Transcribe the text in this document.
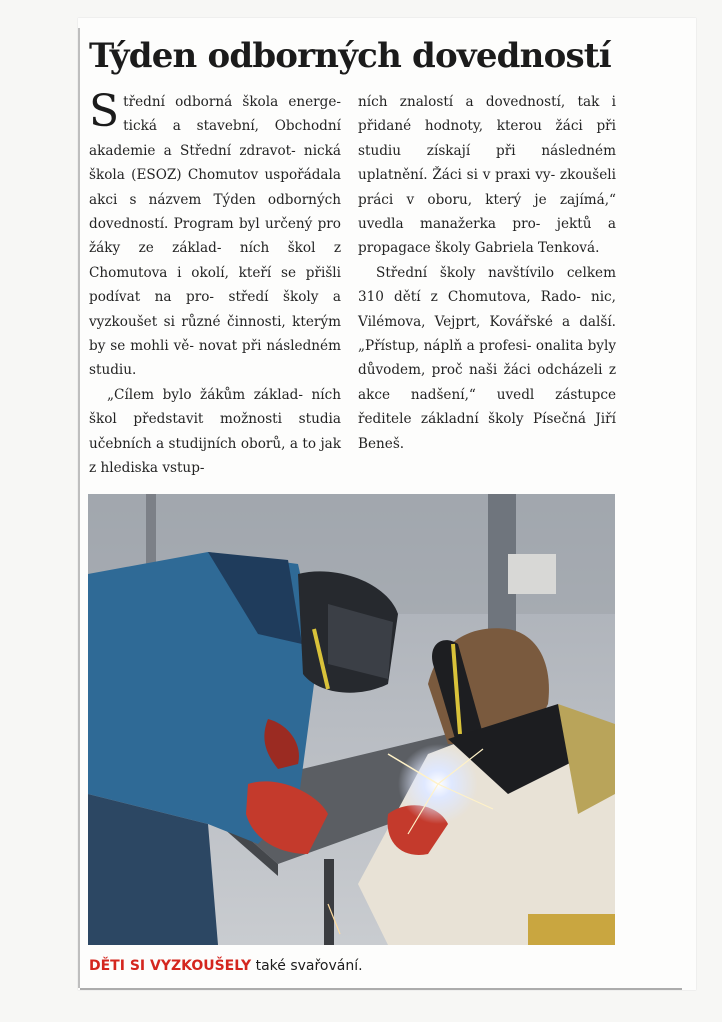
Týden odborných dovedností

Střední odborná škola energe- tická a stavební, Obchodní akademie a Střední zdravot- nická škola (ESOZ) Chomutov uspořádala akci s názvem Týden odborných dovedností. Program byl určený pro žáky ze základ- ních škol z Chomutova i okolí, kteří se přišli podívat na pro- středí školy a vyzkoušet si různé činnosti, kterým by se mohli vě- novat při následném studiu.

„Cílem bylo žákům základ- ních škol představit možnosti studia učebních a studijních oborů, a to jak z hlediska vstup-

ních znalostí a dovedností, tak i přidané hodnoty, kterou žáci při studiu získají při následném uplatnění. Žáci si v praxi vy- zkoušeli práci v oboru, který je zajímá,“ uvedla manažerka pro- jektů a propagace školy Gabriela Tenková.

Střední školy navštívilo celkem 310 dětí z Chomutova, Rado- nic, Vilémova, Vejprt, Kovářské a další. „Přístup, náplň a profesi- onalita byly důvodem, proč naši žáci odcházeli z akce nadšení,“ uvedl zástupce ředitele základní školy Písečná Jiří Beneš.

DĚTI SI VYZKOUŠELY také svařování.
